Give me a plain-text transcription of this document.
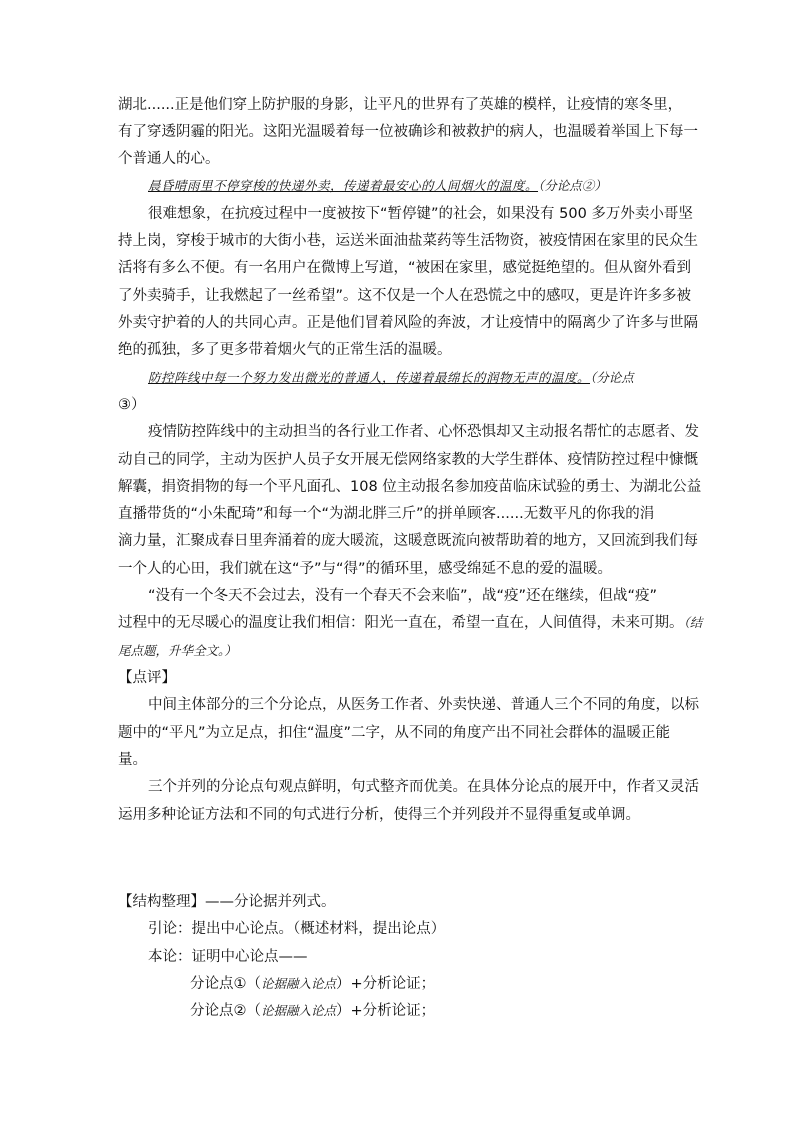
湖北......正是他们穿上防护服的身影，让平凡的世界有了英雄的模样，让疫情的寒冬里，
有了穿透阴霾的阳光。这阳光温暖着每一位被确诊和被救护的病人，也温暖着举国上下每一
个普通人的心。
晨昏晴雨里不停穿梭的快递外卖，传递着最安心的人间烟火的温度。（分论点②）
很难想象，在抗疫过程中一度被按下“暂停键”的社会，如果没有 500 多万外卖小哥坚
持上岗，穿梭于城市的大街小巷，运送米面油盐菜药等生活物资，被疫情困在家里的民众生
活将有多么不便。有一名用户在微博上写道，“被困在家里，感觉挺绝望的。但从窗外看到
了外卖骑手，让我燃起了一丝希望”。这不仅是一个人在恐慌之中的感叹，更是许许多多被
外卖守护着的人的共同心声。正是他们冒着风险的奔波，才让疫情中的隔离少了许多与世隔
绝的孤独，多了更多带着烟火气的正常生活的温暖。
防控阵线中每一个努力发出微光的普通人，传递着最绵长的润物无声的温度。（分论点
③）
疫情防控阵线中的主动担当的各行业工作者、心怀恐惧却又主动报名帮忙的志愿者、发
动自己的同学，主动为医护人员子女开展无偿网络家教的大学生群体、疫情防控过程中慷慨
解囊，捐资捐物的每一个平凡面孔、108 位主动报名参加疫苗临床试验的勇士、为湖北公益
直播带货的“小朱配琦”和每一个“为湖北胖三斤”的拼单顾客......无数平凡的你我的涓
滴力量，汇聚成春日里奔涌着的庞大暖流，这暖意既流向被帮助着的地方，又回流到我们每
一个人的心田，我们就在这“予”与“得”的循环里，感受绵延不息的爱的温暖。
“没有一个冬天不会过去，没有一个春天不会来临”，战“疫”还在继续，但战“疫”
过程中的无尽暖心的温度让我们相信：阳光一直在，希望一直在，人间值得，未来可期。（结
尾点题，升华全文。）
【点评】
中间主体部分的三个分论点，从医务工作者、外卖快递、普通人三个不同的角度，以标
题中的“平凡”为立足点，扣住“温度”二字，从不同的角度产出不同社会群体的温暖正能
量。
三个并列的分论点句观点鲜明，句式整齐而优美。在具体分论点的展开中，作者又灵活
运用多种论证方法和不同的句式进行分析，使得三个并列段并不显得重复或单调。
【结构整理】——分论据并列式。
引论：提出中心论点。（概述材料，提出论点）
本论：证明中心论点——
分论点①（论据融入论点）+分析论证；
分论点②（论据融入论点）+分析论证；
